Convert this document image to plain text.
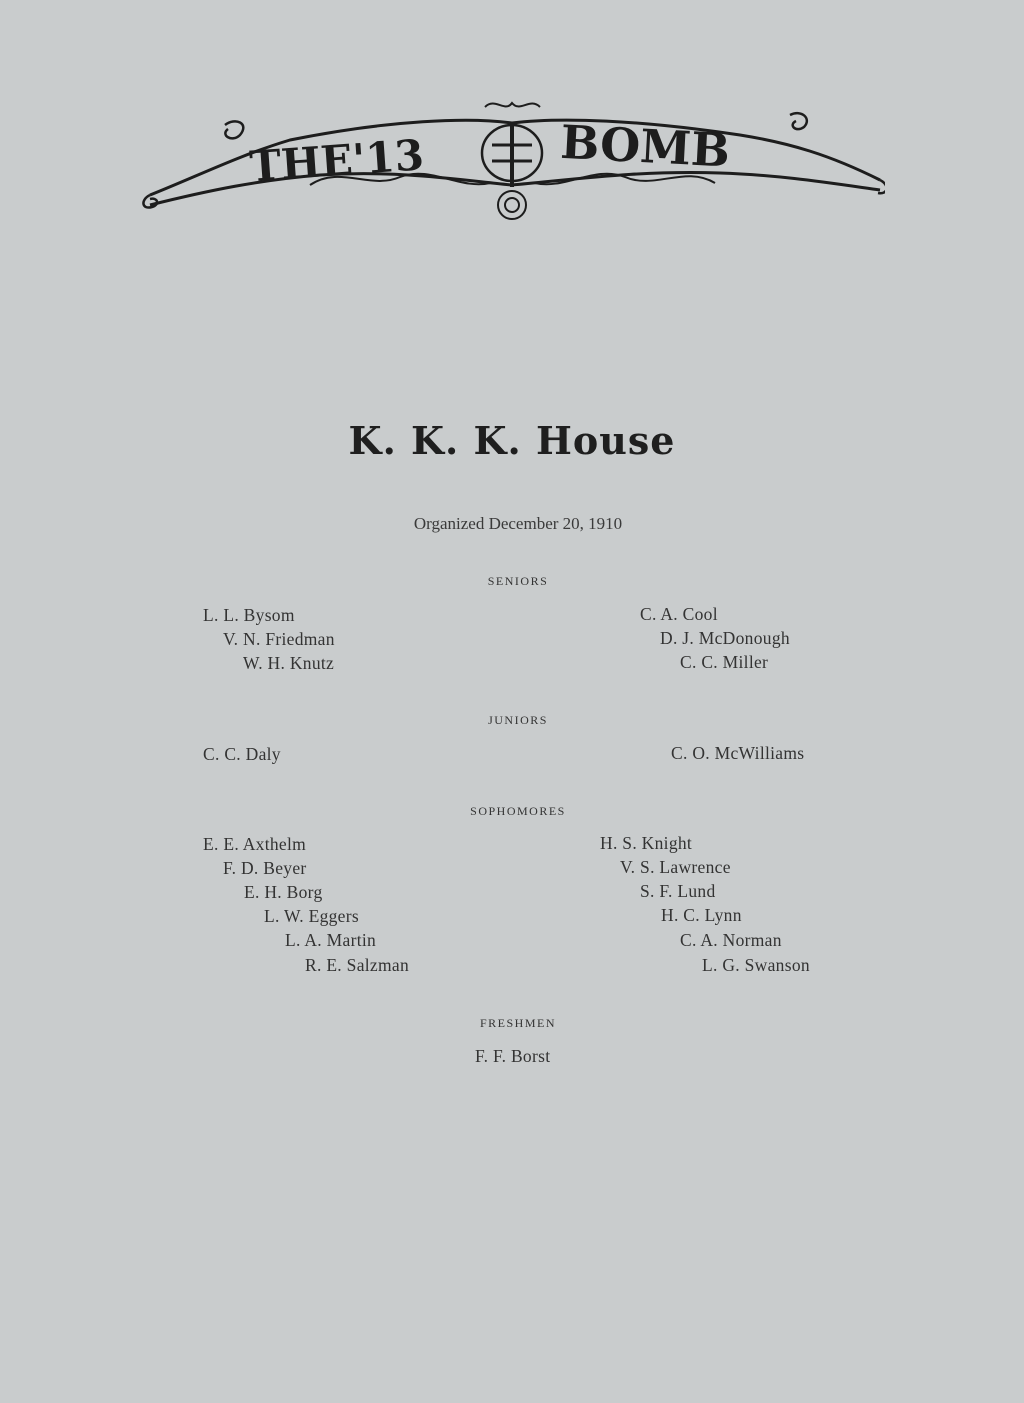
THE'13	BOMB
K. K. K. House
Organized December 20, 1910
SENIORS
L. L. Bysom
V. N. Friedman
W. H. Knutz
C. A. Cool
D. J. McDonough
C. C. Miller
JUNIORS
C. C. Daly	C. O. McWilliams
SOPHOMORES
E. E. Axthelm
F. D. Beyer
E. H. Borg
L. W. Eggers
L. A. Martin
R. E. Salzman
H. S. Knight
V. S. Lawrence
S. F. Lund
H. C. Lynn
C. A. Norman
L. G. Swanson
FRESHMEN
F. F. Borst
